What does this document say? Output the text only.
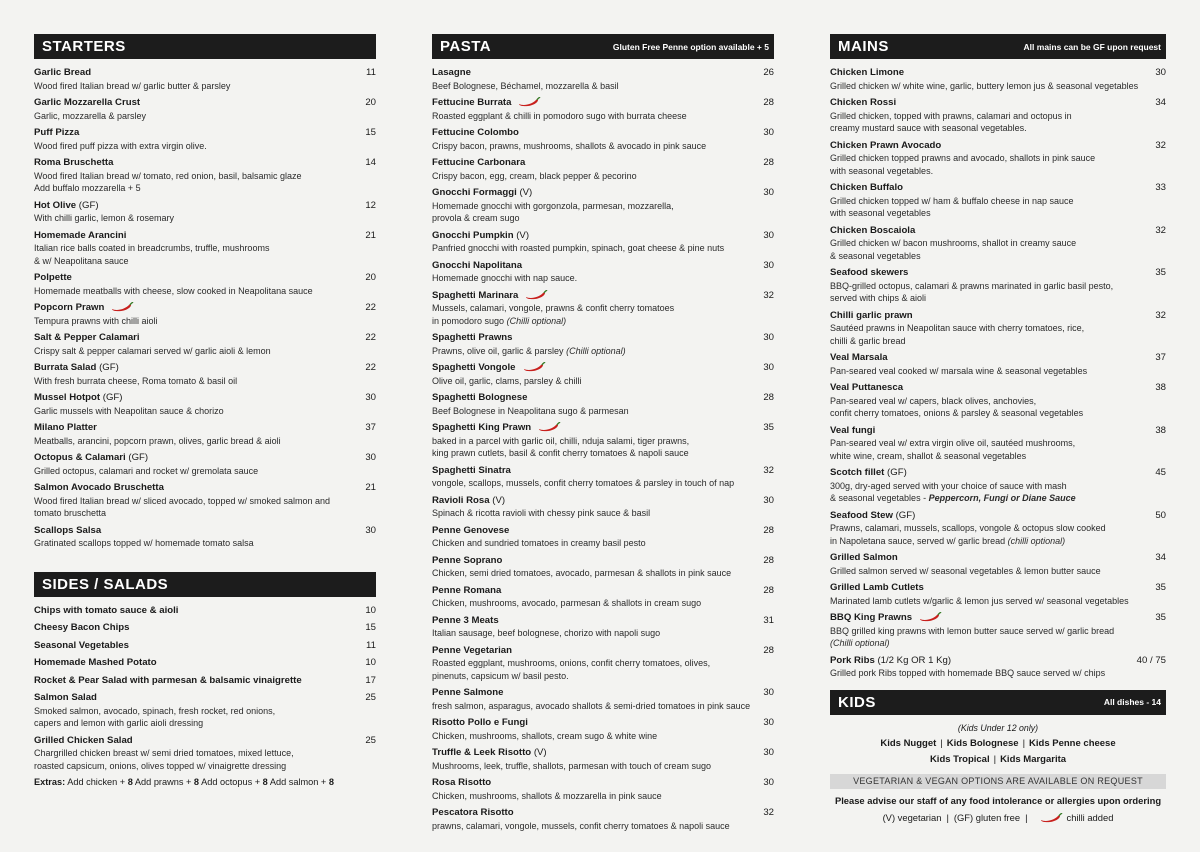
STARTERS
Garlic Bread	11
Wood fired Italian bread w/ garlic butter & parsley
Garlic Mozzarella Crust	20
Garlic, mozzarella & parsley
Puff Pizza	15
Wood fired puff pizza with extra virgin olive.
Roma Bruschetta	14
Wood fired Italian bread w/ tomato, red onion, basil, balsamic glaze
Add buffalo mozzarella + 5
Hot Olive (GF)	12
With chilli garlic, lemon & rosemary
Homemade Arancini	21
Italian rice balls coated in breadcrumbs, truffle, mushrooms
& w/ Neapolitana sauce
Polpette	20
Homemade meatballs with cheese, slow cooked in Neapolitana sauce
Popcorn Prawn	22
Tempura prawns with chilli aioli
Salt & Pepper Calamari	22
Crispy salt & pepper calamari served w/ garlic aioli & lemon
Burrata Salad (GF)	22
With fresh burrata cheese, Roma tomato & basil oil
Mussel Hotpot (GF)	30
Garlic mussels with Neapolitan sauce & chorizo
Milano Platter	37
Meatballs, arancini, popcorn prawn, olives, garlic bread & aioli
Octopus & Calamari (GF)	30
Grilled octopus, calamari and rocket w/ gremolata sauce
Salmon Avocado Bruschetta	21
Wood fired Italian bread w/ sliced avocado, topped w/ smoked salmon and
tomato bruschetta
Scallops Salsa	30
Gratinated scallops topped w/ homemade tomato salsa
SIDES / SALADS
Chips with tomato sauce & aioli	10
Cheesy Bacon Chips	15
Seasonal Vegetables	11
Homemade Mashed Potato	10
Rocket & Pear Salad with parmesan & balsamic vinaigrette	17
Salmon Salad	25
Smoked salmon, avocado, spinach, fresh rocket, red onions,
capers and lemon with garlic aioli dressing
Grilled Chicken Salad	25
Chargrilled chicken breast w/ semi dried tomatoes, mixed lettuce,
roasted capsicum, onions, olives topped w/ vinaigrette dressing
Extras: Add chicken + 8 Add prawns + 8 Add octopus + 8 Add salmon + 8
PASTA	Gluten Free Penne option available + 5
Lasagne	26
Beef Bolognese, Béchamel, mozzarella & basil
Fettucine Burrata	28
Roasted eggplant & chilli in pomodoro sugo with burrata cheese
Fettucine Colombo	30
Crispy bacon, prawns, mushrooms, shallots & avocado in pink sauce
Fettucine Carbonara	28
Crispy bacon, egg, cream, black pepper & pecorino
Gnocchi Formaggi (V)	30
Homemade gnocchi with gorgonzola, parmesan, mozzarella,
provola & cream sugo
Gnocchi Pumpkin (V)	30
Panfried gnocchi with roasted pumpkin, spinach, goat cheese & pine nuts
Gnocchi Napolitana	30
Homemade gnocchi with nap sauce.
Spaghetti Marinara	32
Mussels, calamari, vongole, prawns & confit cherry tomatoes
in pomodoro sugo (Chilli optional)
Spaghetti Prawns	30
Prawns, olive oil, garlic & parsley (Chilli optional)
Spaghetti Vongole	30
Olive oil, garlic, clams, parsley & chilli
Spaghetti Bolognese	28
Beef Bolognese in Neapolitana sugo & parmesan
Spaghetti King Prawn	35
baked in a parcel with garlic oil, chilli, nduja salami, tiger prawns,
king prawn cutlets, basil & confit cherry tomatoes & napoli sauce
Spaghetti Sinatra	32
vongole, scallops, mussels, confit cherry tomatoes & parsley in touch of nap
Ravioli Rosa (V)	30
Spinach & ricotta ravioli with chessy pink sauce & basil
Penne Genovese	28
Chicken and sundried tomatoes in creamy basil pesto
Penne Soprano	28
Chicken, semi dried tomatoes, avocado, parmesan & shallots in pink sauce
Penne Romana	28
Chicken, mushrooms, avocado, parmesan & shallots in cream sugo
Penne 3 Meats	31
Italian sausage, beef bolognese, chorizo with napoli sugo
Penne Vegetarian	28
Roasted eggplant, mushrooms, onions, confit cherry tomatoes, olives,
pinenuts, capsicum w/ basil pesto.
Penne Salmone	30
fresh salmon, asparagus, avocado shallots & semi-dried tomatoes in pink sauce
Risotto Pollo e Fungi	30
Chicken, mushrooms, shallots, cream sugo & white wine
Truffle & Leek Risotto (V)	30
Mushrooms, leek, truffle, shallots, parmesan with touch of cream sugo
Rosa Risotto	30
Chicken, mushrooms, shallots & mozzarella in pink sauce
Pescatora Risotto	32
prawns, calamari, vongole, mussels, confit cherry tomatoes & napoli sauce
MAINS	All mains can be GF upon request
Chicken Limone	30
Grilled chicken w/ white wine, garlic, buttery lemon jus & seasonal vegetables
Chicken Rossi	34
Grilled chicken, topped with prawns, calamari and octopus in
creamy mustard sauce with seasonal vegetables.
Chicken Prawn Avocado	32
Grilled chicken topped prawns and avocado, shallots in pink sauce
with seasonal vegetables.
Chicken Buffalo	33
Grilled chicken topped w/ ham & buffalo cheese in nap sauce
with seasonal vegetables
Chicken Boscaiola	32
Grilled chicken w/ bacon mushrooms, shallot in creamy sauce
& seasonal vegetables
Seafood skewers	35
BBQ-grilled octopus, calamari & prawns marinated in garlic basil pesto,
served with chips & aioli
Chilli garlic prawn	32
Sautéed prawns in Neapolitan sauce with cherry tomatoes, rice,
chilli & garlic bread
Veal Marsala	37
Pan-seared veal cooked w/ marsala wine & seasonal vegetables
Veal Puttanesca	38
Pan-seared veal w/ capers, black olives, anchovies,
confit cherry tomatoes, onions & parsley & seasonal vegetables
Veal fungi	38
Pan-seared veal w/ extra virgin olive oil, sautéed mushrooms,
white wine, cream, shallot & seasonal vegetables
Scotch fillet (GF)	45
300g, dry-aged served with your choice of sauce with mash
& seasonal vegetables - Peppercorn, Fungi or Diane Sauce
Seafood Stew (GF)	50
Prawns, calamari, mussels, scallops, vongole & octopus slow cooked
in Napoletana sauce, served w/ garlic bread (chilli optional)
Grilled Salmon	34
Grilled salmon served w/ seasonal vegetables & lemon butter sauce
Grilled Lamb Cutlets	35
Marinated lamb cutlets w/garlic & lemon jus served w/ seasonal vegetables
BBQ King Prawns	35
BBQ grilled king prawns with lemon butter sauce served w/ garlic bread
(Chilli optional)
Pork Ribs (1/2 Kg OR 1 Kg)	40 / 75
Grilled pork Ribs topped with homemade BBQ sauce served w/ chips
KIDS	All dishes - 14
(Kids Under 12 only)
Kids Nugget | Kids Bolognese | Kids Penne cheese
Kids Tropical | Kids Margarita
VEGETARIAN & VEGAN OPTIONS ARE AVAILABLE ON REQUEST
Please advise our staff of any food intolerance or allergies upon ordering
(V) vegetarian | (GF) gluten free |	chilli added
